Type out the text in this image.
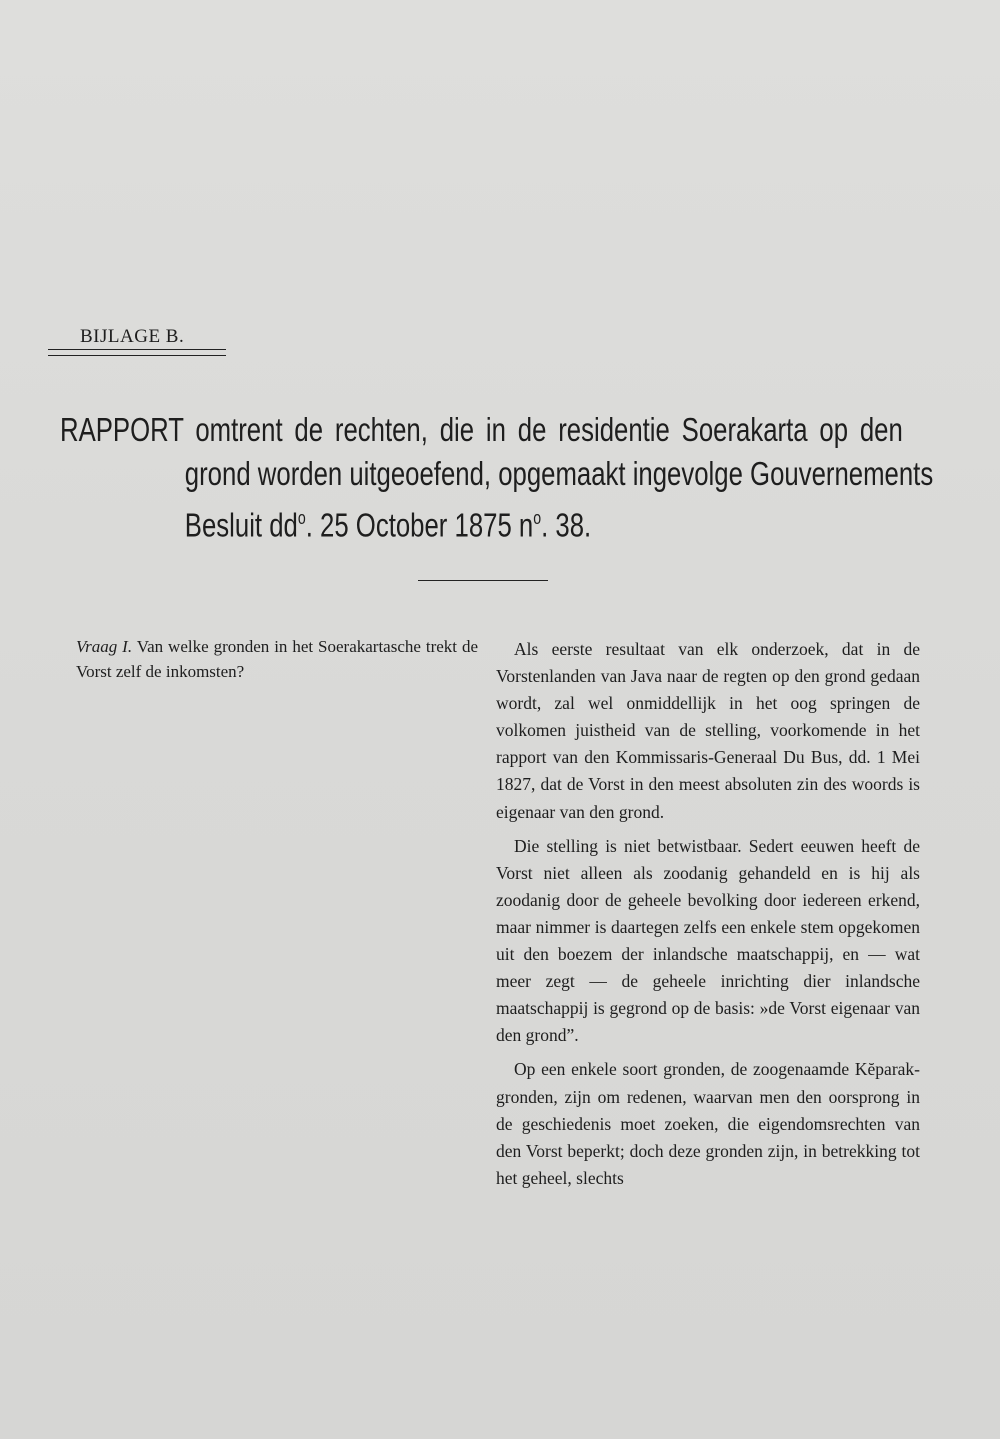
BIJLAGE B.
RAPPORT omtrent de rechten, die in de residentie Soerakarta op den
grond worden uitgeoefend, opgemaakt ingevolge Gouvernements
Besluit $dd^o$. 25 October 1875 $n^o$. 38.
Vraag I. Van welke gronden in het Soerakartasche trekt de Vorst zelf de inkomsten?

Als eerste resultaat van elk onderzoek, dat in de Vorstenlanden van Java naar de regten op den grond gedaan wordt, zal wel onmiddellijk in het oog springen de volkomen juistheid van de stelling, voorkomende in het rapport van den Kommissaris-Generaal Du Bus, dd. 1 Mei 1827, dat de Vorst in den meest absoluten zin des woords is eigenaar van den grond.

Die stelling is niet betwistbaar. Sedert eeuwen heeft de Vorst niet alleen als zoodanig gehandeld en is hij als zoodanig door de geheele bevolking door iedereen erkend, maar nimmer is daartegen zelfs een enkele stem opgekomen uit den boezem der inlandsche maatschappij, en — wat meer zegt — de geheele inrichting dier inlandsche maatschappij is gegrond op de basis: »de Vorst eigenaar van den grond”.

Op een enkele soort gronden, de zoogenaamde Kĕparak-gronden, zijn om redenen, waarvan men den oorsprong in de geschiedenis moet zoeken, die eigendomsrechten van den Vorst beperkt; doch deze gronden zijn, in betrekking tot het geheel, slechts
